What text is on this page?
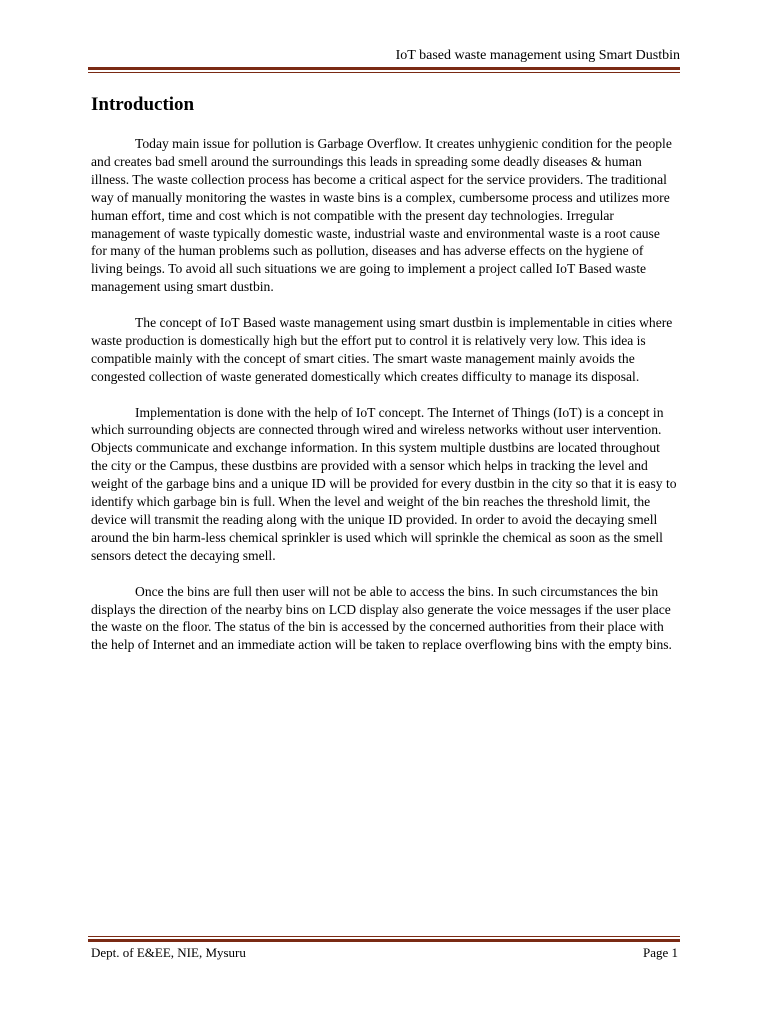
IoT based waste management using Smart Dustbin
Introduction

Today main issue for pollution is Garbage Overflow. It creates unhygienic condition for the people and creates bad smell around the surroundings this leads in spreading some deadly diseases & human illness. The waste collection process has become a critical aspect for the service providers. The traditional way of manually monitoring the wastes in waste bins is a complex, cumbersome process and utilizes more human effort, time and cost which is not compatible with the present day technologies. Irregular management of waste typically domestic waste, industrial waste and environmental waste is a root cause for many of the human problems such as pollution, diseases and has adverse effects on the hygiene of living beings. To avoid all such situations we are going to implement a project called IoT Based waste management using smart dustbin.

The concept of IoT Based waste management using smart dustbin is implementable in cities where waste production is domestically high but the effort put to control it is relatively very low. This idea is compatible mainly with the concept of smart cities. The smart waste management mainly avoids the congested collection of waste generated domestically which creates difficulty to manage its disposal.

Implementation is done with the help of IoT concept. The Internet of Things (IoT) is a concept in which surrounding objects are connected through wired and wireless networks without user intervention. Objects communicate and exchange information. In this system multiple dustbins are located throughout the city or the Campus, these dustbins are provided with a sensor which helps in tracking the level and weight of the garbage bins and a unique ID will be provided for every dustbin in the city so that it is easy to identify which garbage bin is full. When the level and weight of the bin reaches the threshold limit, the device will transmit the reading along with the unique ID provided. In order to avoid the decaying smell around the bin harm-less chemical sprinkler is used which will sprinkle the chemical as soon as the smell sensors detect the decaying smell.

Once the bins are full then user will not be able to access the bins. In such circumstances the bin displays the direction of the nearby bins on LCD display also generate the voice messages if the user place the waste on the floor. The status of the bin is accessed by the concerned authorities from their place with the help of Internet and an immediate action will be taken to replace overflowing bins with the empty bins.

Dept. of E&EE, NIE, Mysuru	Page 1
